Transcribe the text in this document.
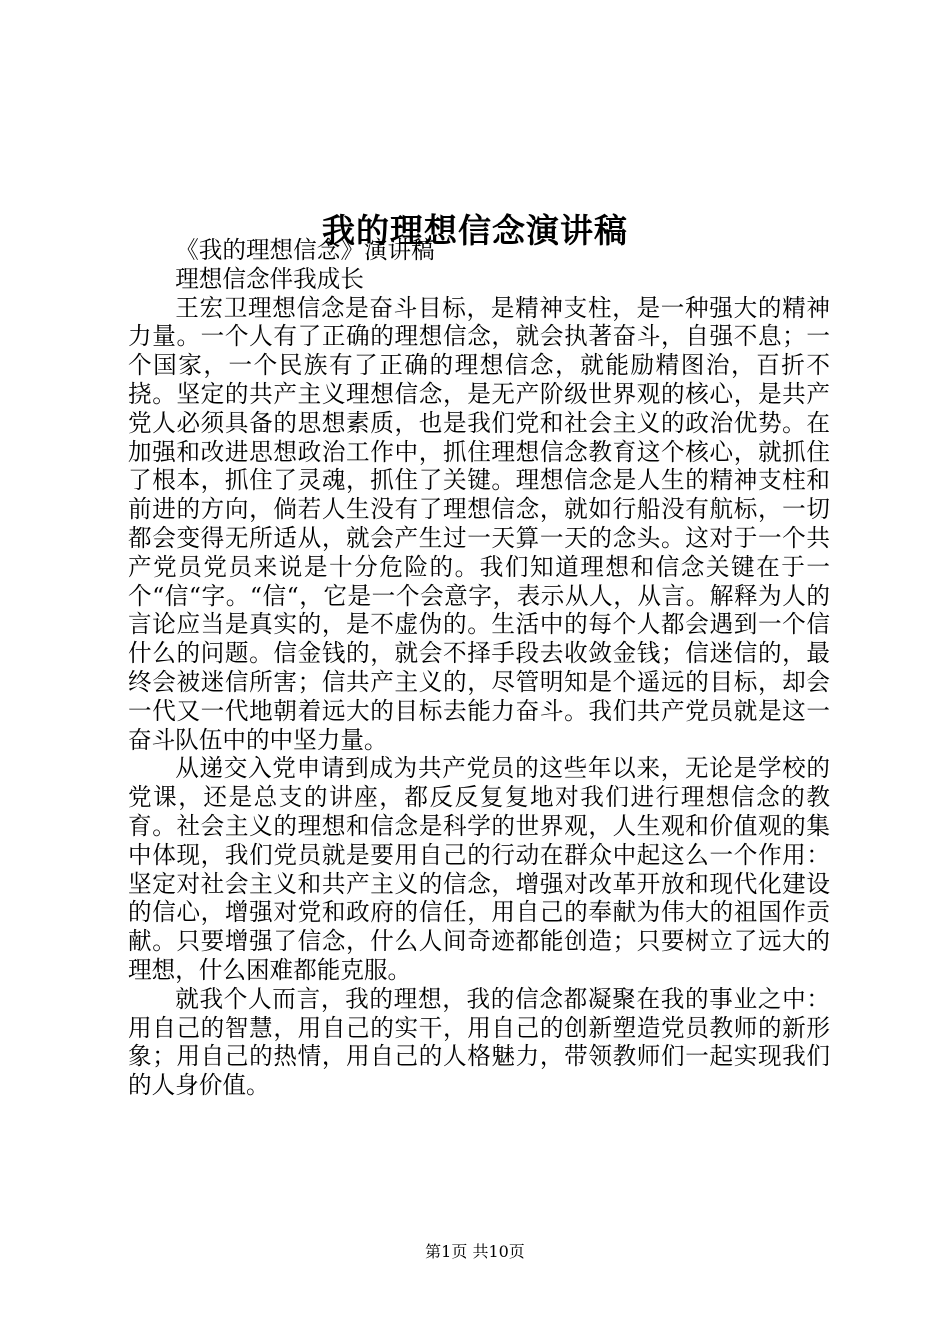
我的理想信念演讲稿

《我的理想信念》演讲稿

理想信念伴我成长

王宏卫理想信念是奋斗目标，是精神支柱，是一种强大的精神力量。一个人有了正确的理想信念，就会执著奋斗，自强不息；一个国家，一个民族有了正确的理想信念，就能励精图治，百折不挠。坚定的共产主义理想信念，是无产阶级世界观的核心，是共产党人必须具备的思想素质，也是我们党和社会主义的政治优势。在加强和改进思想政治工作中，抓住理想信念教育这个核心，就抓住了根本，抓住了灵魂，抓住了关键。理想信念是人生的精神支柱和前进的方向，倘若人生没有了理想信念，就如行船没有航标，一切都会变得无所适从，就会产生过一天算一天的念头。这对于一个共产党员党员来说是十分危险的。我们知道理想和信念关键在于一个“信“字。“信“，它是一个会意字，表示从人，从言。解释为人的言论应当是真实的，是不虚伪的。生活中的每个人都会遇到一个信什么的问题。信金钱的，就会不择手段去收敛金钱；信迷信的，最终会被迷信所害；信共产主义的，尽管明知是个遥远的目标，却会一代又一代地朝着远大的目标去能力奋斗。我们共产党员就是这一奋斗队伍中的中坚力量。

从递交入党申请到成为共产党员的这些年以来，无论是学校的党课，还是总支的讲座，都反反复复地对我们进行理想信念的教育。社会主义的理想和信念是科学的世界观，人生观和价值观的集中体现，我们党员就是要用自己的行动在群众中起这么一个作用：坚定对社会主义和共产主义的信念，增强对改革开放和现代化建设的信心，增强对党和政府的信任，用自己的奉献为伟大的祖国作贡献。只要增强了信念，什么人间奇迹都能创造；只要树立了远大的理想，什么困难都能克服。

就我个人而言，我的理想，我的信念都凝聚在我的事业之中：用自己的智慧，用自己的实干，用自己的创新塑造党员教师的新形象；用自己的热情，用自己的人格魅力，带领教师们一起实现我们的人身价值。

第1页 共10页
